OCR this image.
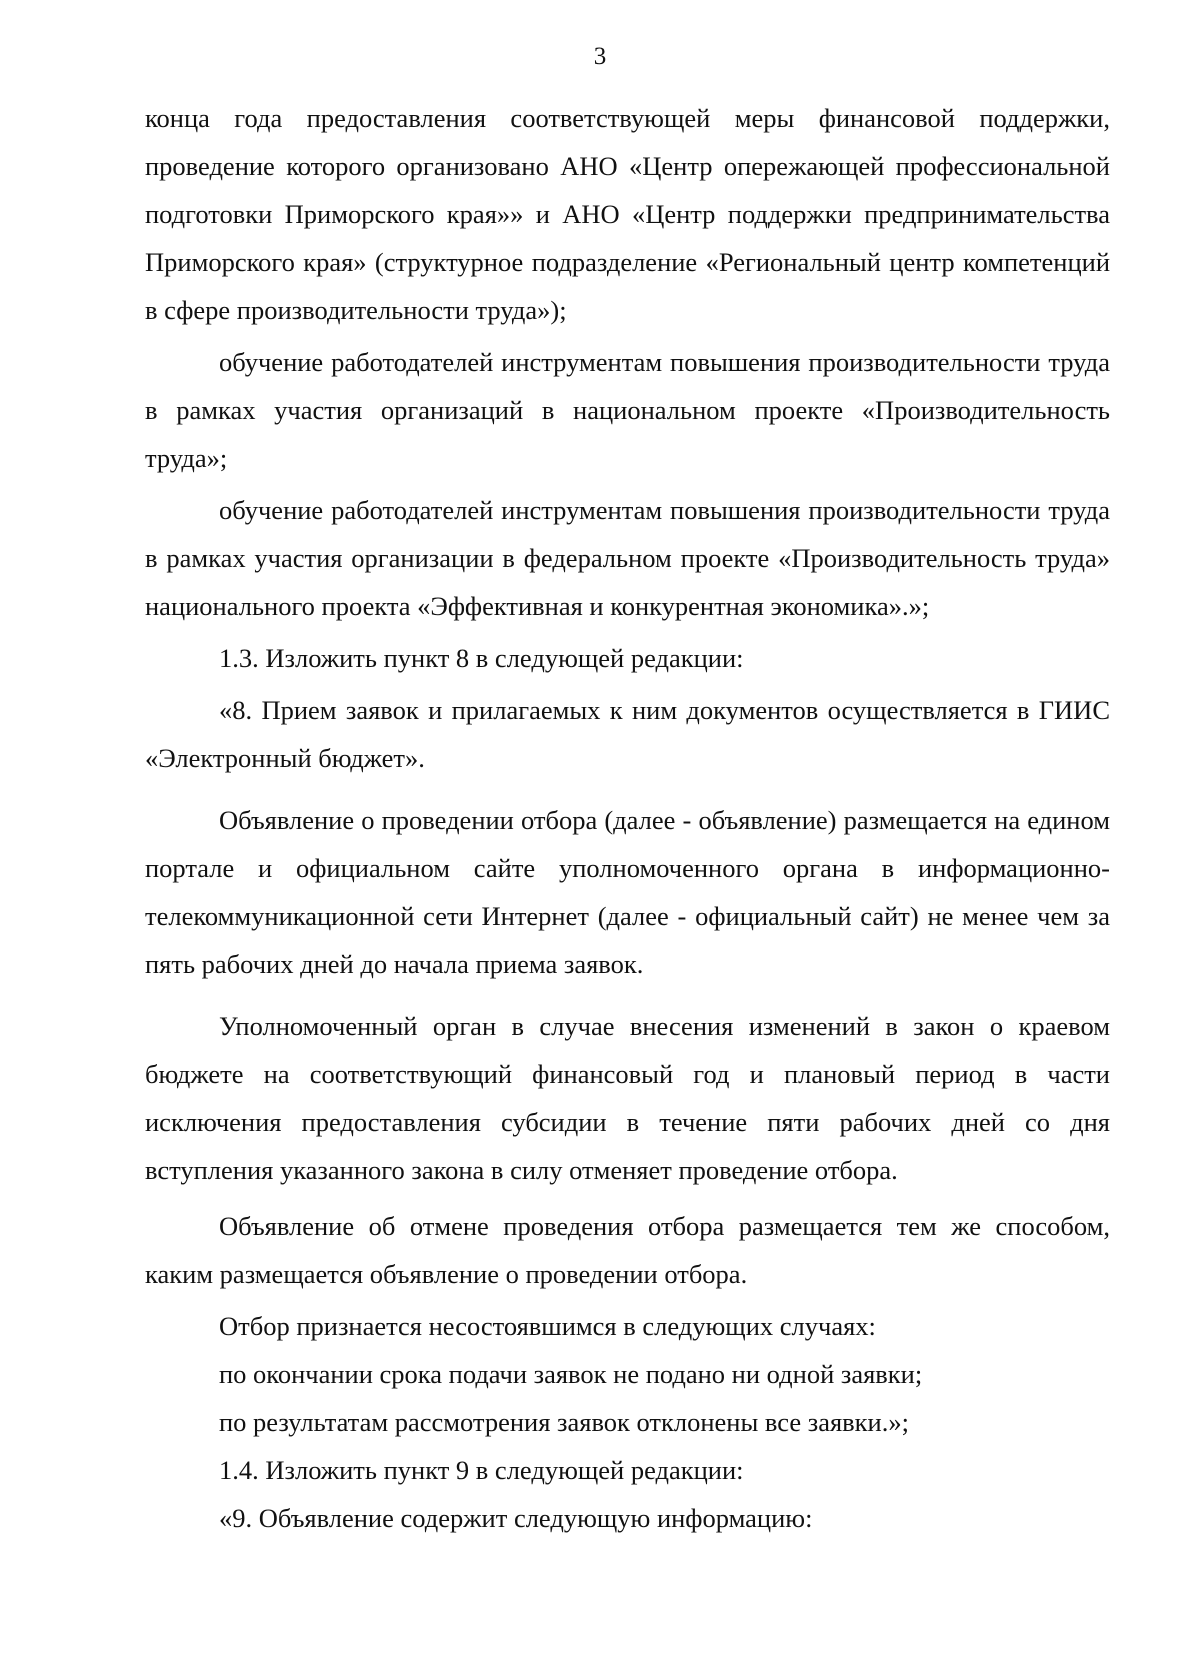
3

конца года предоставления соответствующей меры финансовой поддержки, проведение которого организовано АНО «Центр опережающей профессиональной подготовки Приморского края»» и АНО «Центр поддержки предпринимательства Приморского края» (структурное подразделение «Региональный центр компетенций в сфере производительности труда»);

обучение работодателей инструментам повышения производительности труда в рамках участия организаций в национальном проекте «Производительность труда»;

обучение работодателей инструментам повышения производительности труда в рамках участия организации в федеральном проекте «Производительность труда» национального проекта «Эффективная и конкурентная экономика».»;

1.3. Изложить пункт 8 в следующей редакции:

«8. Прием заявок и прилагаемых к ним документов осуществляется в ГИИС «Электронный бюджет».

Объявление о проведении отбора (далее - объявление) размещается на едином портале и официальном сайте уполномоченного органа в информационно-телекоммуникационной сети Интернет (далее - официальный сайт) не менее чем за пять рабочих дней до начала приема заявок.

Уполномоченный орган в случае внесения изменений в закон о краевом бюджете на соответствующий финансовый год и плановый период в части исключения предоставления субсидии в течение пяти рабочих дней со дня вступления указанного закона в силу отменяет проведение отбора.

Объявление об отмене проведения отбора размещается тем же способом, каким размещается объявление о проведении отбора.

Отбор признается несостоявшимся в следующих случаях:

по окончании срока подачи заявок не подано ни одной заявки;

по результатам рассмотрения заявок отклонены все заявки.»;

1.4. Изложить пункт 9 в следующей редакции:

«9. Объявление содержит следующую информацию:
